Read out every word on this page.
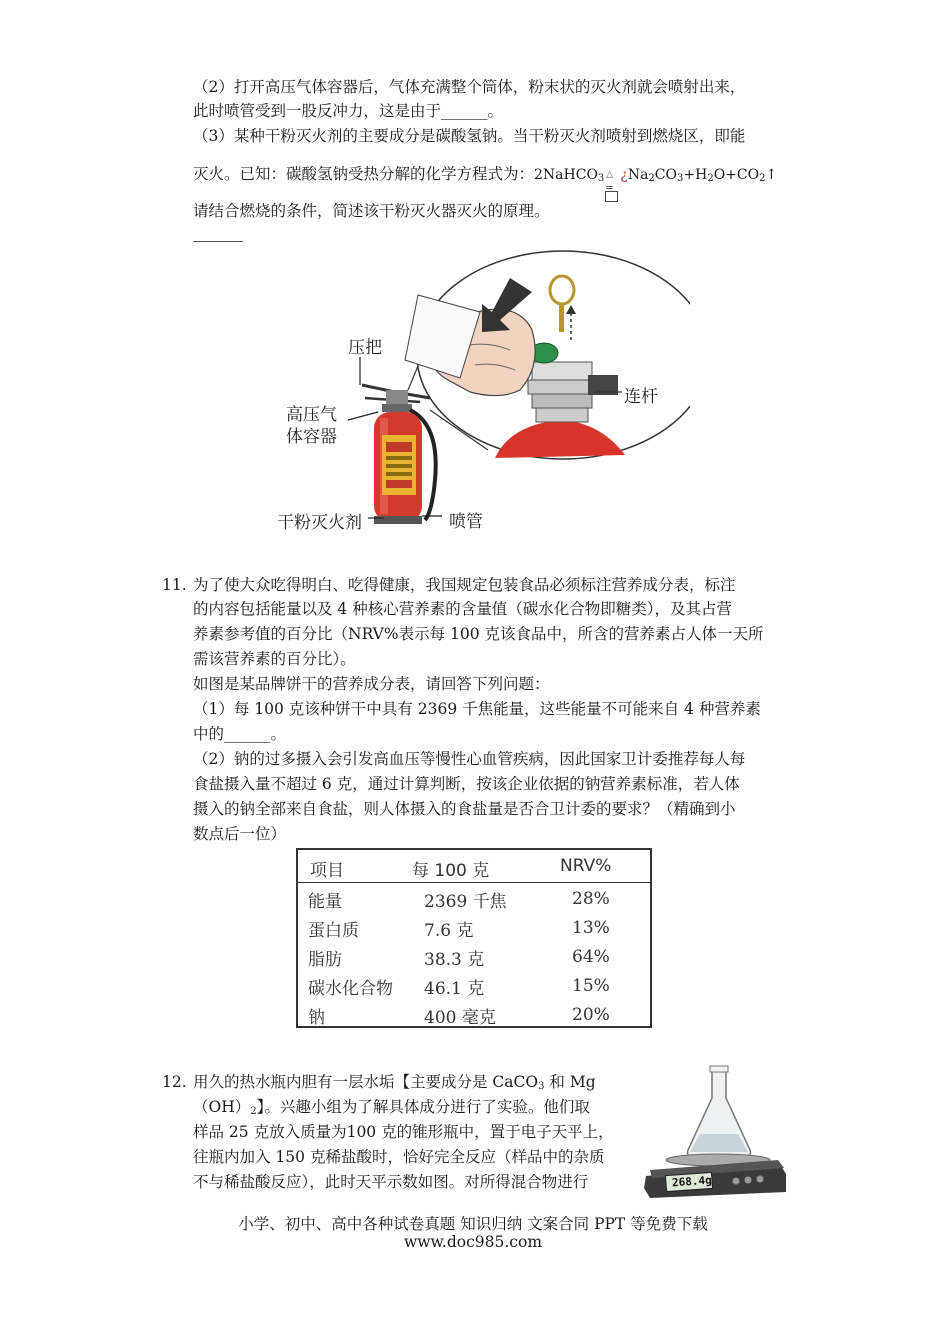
（2）打开高压气体容器后，气体充满整个筒体，粉末状的灭火剂就会喷射出来，
此时喷管受到一股反冲力，这是由于______。
（3）某种干粉灭火剂的主要成分是碳酸氢钠。当干粉灭火剂喷射到燃烧区，即能
灭火。已知：碳酸氢钠受热分解的化学方程式为：2NaHCO$_3$ △
=
¿$Na_2CO_3+H_2O+CO_2↑$
请结合燃烧的条件，简述该干粉灭火器灭火的原理。
压把
高压气
体容器
干粉灭火剂	喷管
连杆
11. 为了使大众吃得明白、吃得健康，我国规定包装食品必须标注营养成分表，标注
的内容包括能量以及 4 种核心营养素的含量值（碳水化合物即糖类），及其占营
养素参考值的百分比（NRV%表示每 100 克该食品中，所含的营养素占人体一天所
需该营养素的百分比）。
如图是某品牌饼干的营养成分表，请回答下列问题：
（1）每 100 克该种饼干中具有 2369 千焦能量，这些能量不可能来自 4 种营养素
中的______。
（2）钠的过多摄入会引发高血压等慢性心血管疾病，因此国家卫计委推荐每人每
食盐摄入量不超过 6 克，通过计算判断，按该企业依据的钠营养素标准，若人体
摄入的钠全部来自食盐，则人体摄入的食盐量是否合卫计委的要求？（精确到小
数点后一位）
项目	每 100 克	NRV%
能量	2369 千焦	28%
蛋白质	7.6 克	13%
脂肪	38.3 克	64%
碳水化合物 46.1 克	15%
钠	400 毫克	20%
12. 用久的热水瓶内胆有一层水垢【主要成分是 CaCO$_3$ 和 Mg
$(OH)_2$】。兴趣小组为了解具体成分进行了实验。他们取
样品 25 克放入质量为100 克的锥形瓶中，置于电子天平上，
往瓶内加入 150 克稀盐酸时，恰好完全反应（样品中的杂质
不与稀盐酸反应），此时天平示数如图。对所得混合物进行	268.4g
小学、初中、高中各种试卷真题 知识归纳 文案合同 PPT 等免费下载
www.doc985.com
